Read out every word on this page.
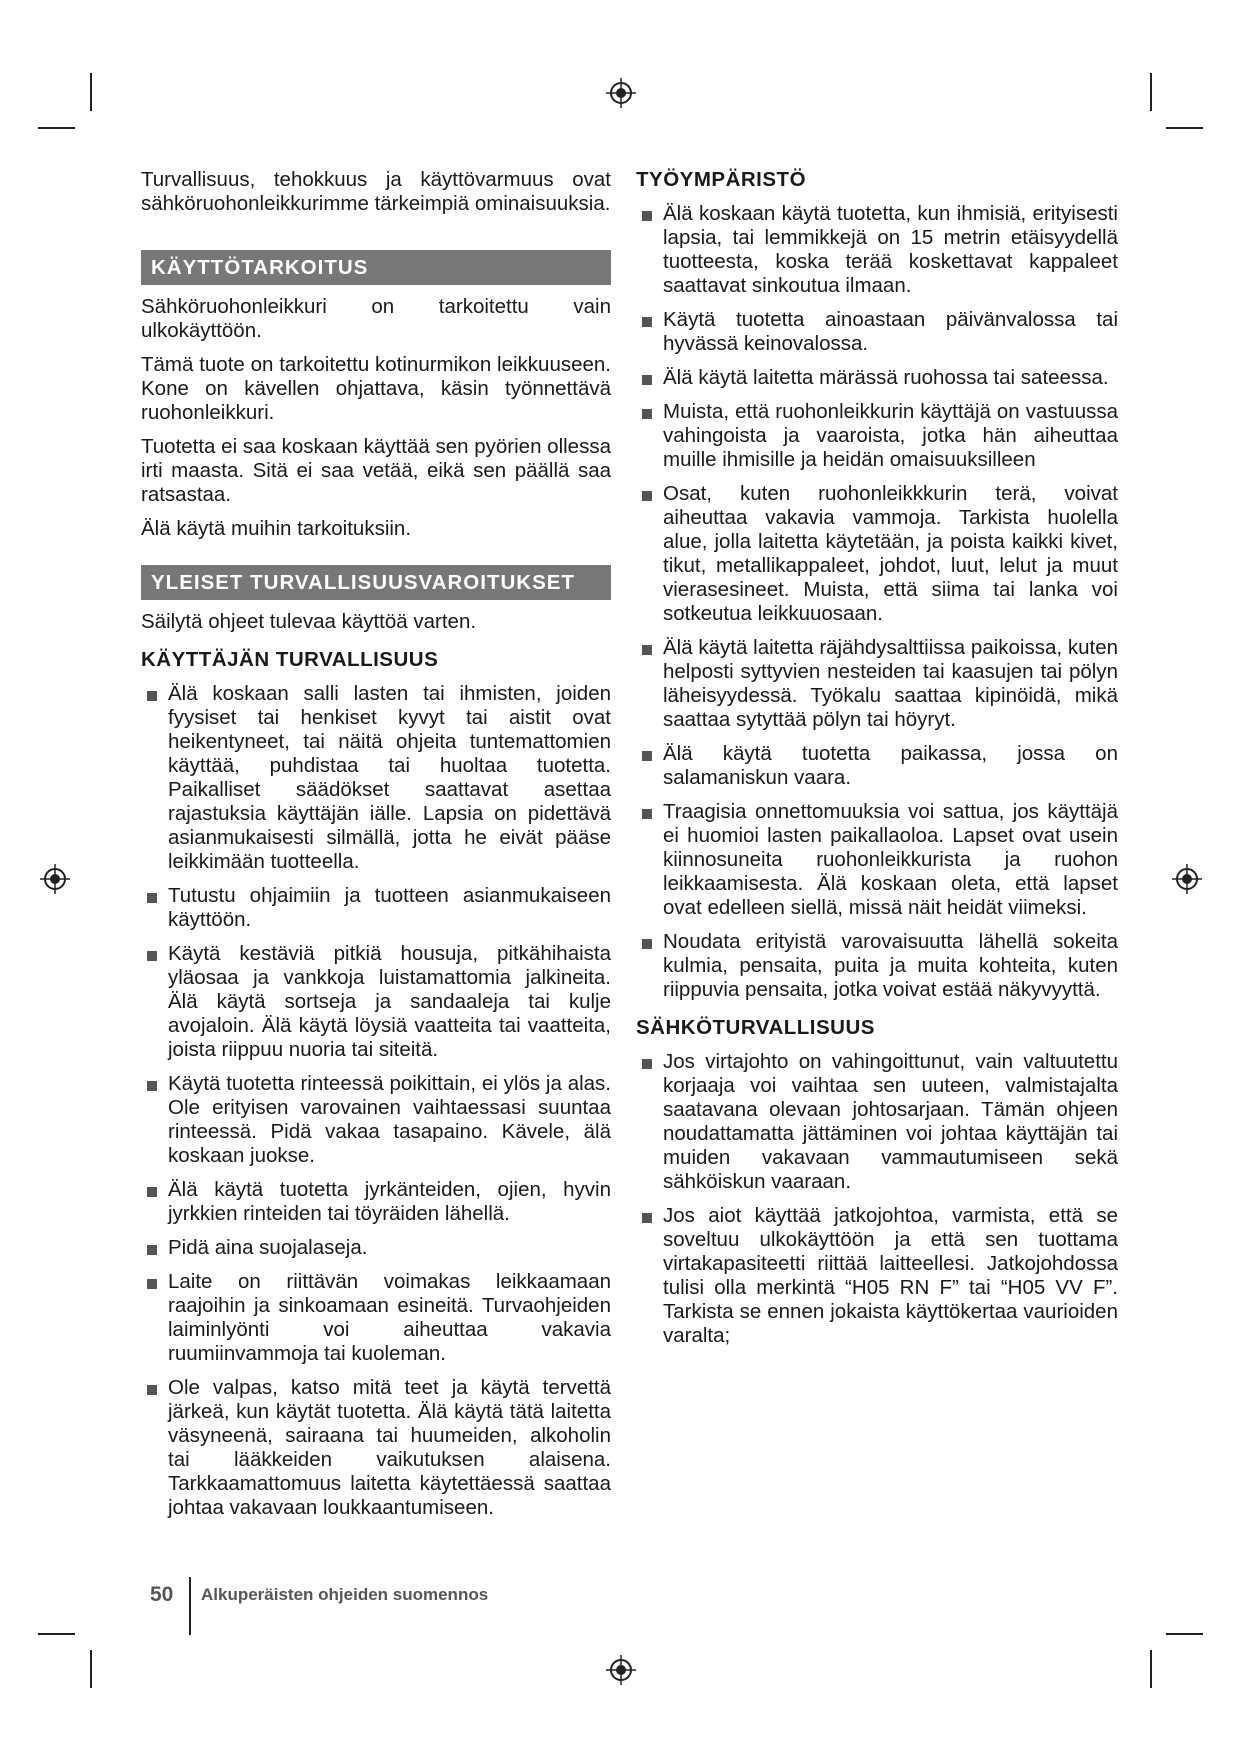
Turvallisuus, tehokkuus ja käyttövarmuus ovat sähköruohonleikkurimme tärkeimpiä ominaisuuksia.

KÄYTTÖTARKOITUS

Sähköruohonleikkuri on tarkoitettu vain ulkokäyttöön.

Tämä tuote on tarkoitettu kotinurmikon leikkuuseen. Kone on kävellen ohjattava, käsin työnnettävä ruohonleikkuri.

Tuotetta ei saa koskaan käyttää sen pyörien ollessa irti maasta. Sitä ei saa vetää, eikä sen päällä saa ratsastaa.

Älä käytä muihin tarkoituksiin.

YLEISET TURVALLISUUSVAROITUKSET

Säilytä ohjeet tulevaa käyttöä varten.

KÄYTTÄJÄN TURVALLISUUS
Älä koskaan salli lasten tai ihmisten, joiden fyysiset tai henkiset kyvyt tai aistit ovat heikentyneet, tai näitä ohjeita tuntemattomien käyttää, puhdistaa tai huoltaa tuotetta. Paikalliset säädökset saattavat asettaa rajastuksia käyttäjän iälle. Lapsia on pidettävä asianmukaisesti silmällä, jotta he eivät pääse leikkimään tuotteella.
Tutustu ohjaimiin ja tuotteen asianmukaiseen käyttöön.
Käytä kestäviä pitkiä housuja, pitkähihaista yläosaa ja vankkoja luistamattomia jalkineita. Älä käytä sortseja ja sandaaleja tai kulje avojaloin. Älä käytä löysiä vaatteita tai vaatteita, joista riippuu nuoria tai siteitä.
Käytä tuotetta rinteessä poikittain, ei ylös ja alas. Ole erityisen varovainen vaihtaessasi suuntaa rinteessä. Pidä vakaa tasapaino. Kävele, älä koskaan juokse.
Älä käytä tuotetta jyrkänteiden, ojien, hyvin jyrkkien rinteiden tai töyräiden lähellä.
Pidä aina suojalaseja.
Laite on riittävän voimakas leikkaamaan raajoihin ja sinkoamaan esineitä. Turvaohjeiden laiminlyönti voi aiheuttaa vakavia ruumiinvammoja tai kuoleman.
Ole valpas, katso mitä teet ja käytä tervettä järkeä, kun käytät tuotetta. Älä käytä tätä laitetta väsyneenä, sairaana tai huumeiden, alkoholin tai lääkkeiden vaikutuksen alaisena. Tarkkaamattomuus laitetta käytettäessä saattaa johtaa vakavaan loukkaantumiseen.
TYÖYMPÄRISTÖ
Älä koskaan käytä tuotetta, kun ihmisiä, erityisesti lapsia, tai lemmikkejä on 15 metrin etäisyydellä tuotteesta, koska terää koskettavat kappaleet saattavat sinkoutua ilmaan.
Käytä tuotetta ainoastaan päivänvalossa tai hyvässä keinovalossa.
Älä käytä laitetta märässä ruohossa tai sateessa.
Muista, että ruohonleikkurin käyttäjä on vastuussa vahingoista ja vaaroista, jotka hän aiheuttaa muille ihmisille ja heidän omaisuuksilleen
Osat, kuten ruohonleikkkurin terä, voivat aiheuttaa vakavia vammoja. Tarkista huolella alue, jolla laitetta käytetään, ja poista kaikki kivet, tikut, metallikappaleet, johdot, luut, lelut ja muut vierasesineet. Muista, että siima tai lanka voi sotkeutua leikkuuosaan.
Älä käytä laitetta räjähdysalttiissa paikoissa, kuten helposti syttyvien nesteiden tai kaasujen tai pölyn läheisyydessä. Työkalu saattaa kipinöidä, mikä saattaa sytyttää pölyn tai höyryt.
Älä käytä tuotetta paikassa, jossa on salamaniskun vaara.
Traagisia onnettomuuksia voi sattua, jos käyttäjä ei huomioi lasten paikallaoloa. Lapset ovat usein kiinnosuneita ruohonleikkurista ja ruohon leikkaamisesta. Älä koskaan oleta, että lapset ovat edelleen siellä, missä näit heidät viimeksi.
Noudata erityistä varovaisuutta lähellä sokeita kulmia, pensaita, puita ja muita kohteita, kuten riippuvia pensaita, jotka voivat estää näkyvyyttä.
SÄHKÖTURVALLISUUS
Jos virtajohto on vahingoittunut, vain valtuutettu korjaaja voi vaihtaa sen uuteen, valmistajalta saatavana olevaan johtosarjaan. Tämän ohjeen noudattamatta jättäminen voi johtaa käyttäjän tai muiden vakavaan vammautumiseen sekä sähköiskun vaaraan.
Jos aiot käyttää jatkojohtoa, varmista, että se soveltuu ulkokäyttöön ja että sen tuottama virtakapasiteetti riittää laitteellesi. Jatkojohdossa tulisi olla merkintä “H05 RN F” tai “H05 VV F”. Tarkista se ennen jokaista käyttökertaa vaurioiden varalta;
50 Alkuperäisten ohjeiden suomennos
